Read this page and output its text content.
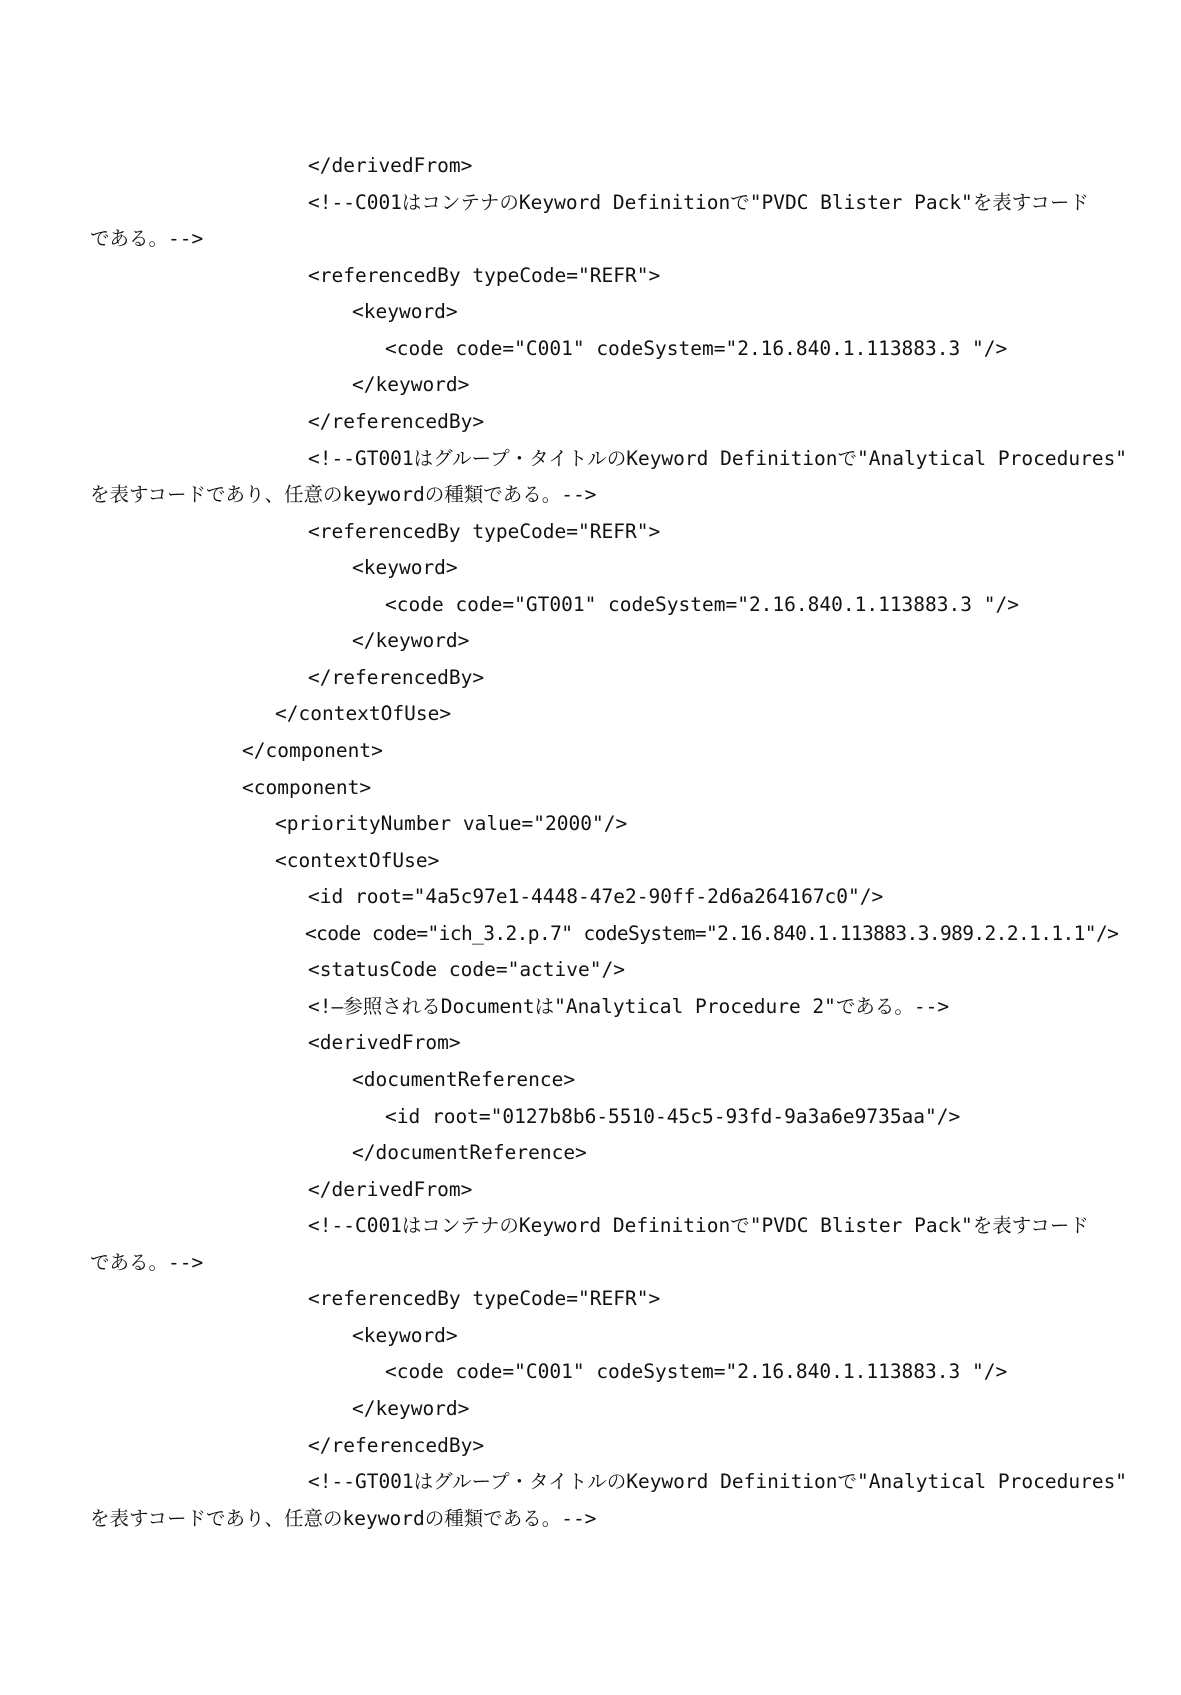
</derivedFrom>
<!--C001はコンテナのKeyword Definitionで"PVDC Blister Pack"を表すコード
である。-->
<referencedBy typeCode="REFR">
<keyword>
<code code="C001" codeSystem="2.16.840.1.113883.3 "/>
</keyword>
</referencedBy>
<!--GT001はグループ・タイトルのKeyword Definitionで"Analytical Procedures"
を表すコードであり、任意のkeywordの種類である。-->
<referencedBy typeCode="REFR">
<keyword>
<code code="GT001" codeSystem="2.16.840.1.113883.3 "/>
</keyword>
</referencedBy>
</contextOfUse>
</component>
<component>
<priorityNumber value="2000"/>
<contextOfUse>
<id root="4a5c97e1-4448-47e2-90ff-2d6a264167c0"/>
<code code="ich_3.2.p.7" codeSystem="2.16.840.1.113883.3.989.2.2.1.1.1"/>
<statusCode code="active"/>
<!—参照されるDocumentは"Analytical Procedure 2"である。-->
<derivedFrom>
<documentReference>
<id root="0127b8b6-5510-45c5-93fd-9a3a6e9735aa"/>
</documentReference>
</derivedFrom>
<!--C001はコンテナのKeyword Definitionで"PVDC Blister Pack"を表すコード
である。-->
<referencedBy typeCode="REFR">
<keyword>
<code code="C001" codeSystem="2.16.840.1.113883.3 "/>
</keyword>
</referencedBy>
<!--GT001はグループ・タイトルのKeyword Definitionで"Analytical Procedures"
を表すコードであり、任意のkeywordの種類である。-->
